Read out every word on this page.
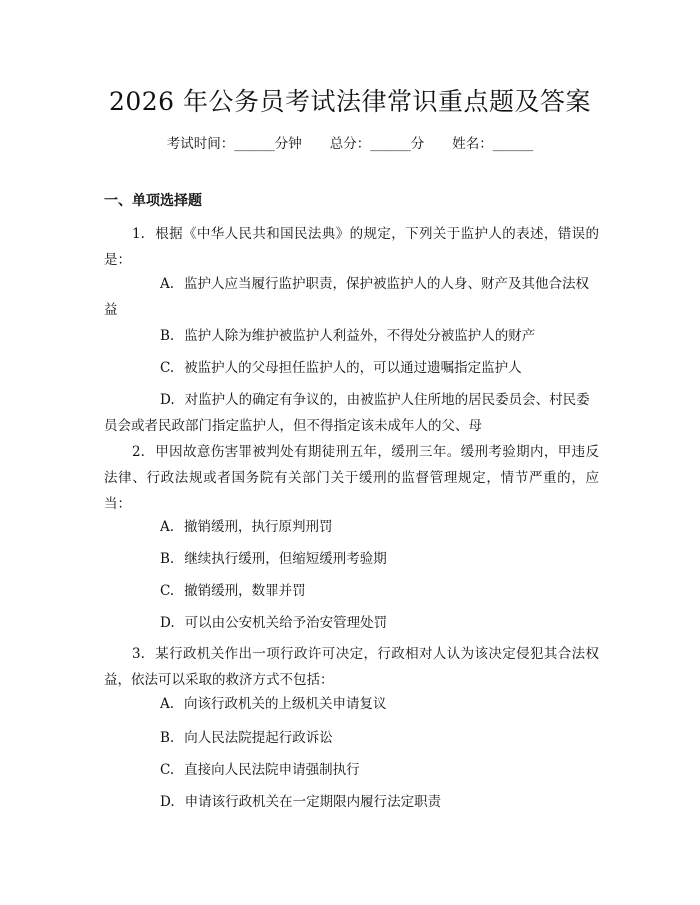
2026 年公务员考试法律常识重点题及答案
考试时间：______分钟 总分：______分 姓名：______
一、单项选择题

1. 根据《中华人民共和国民法典》的规定，下列关于监护人的表述，错误的是：

A. 监护人应当履行监护职责，保护被监护人的人身、财产及其他合法权益

B. 监护人除为维护被监护人利益外，不得处分被监护人的财产

C. 被监护人的父母担任监护人的，可以通过遗嘱指定监护人

D. 对监护人的确定有争议的，由被监护人住所地的居民委员会、村民委员会或者民政部门指定监护人，但不得指定该未成年人的父、母

2. 甲因故意伤害罪被判处有期徒刑五年，缓刑三年。缓刑考验期内，甲违反法律、行政法规或者国务院有关部门关于缓刑的监督管理规定，情节严重的，应当：

A. 撤销缓刑，执行原判刑罚

B. 继续执行缓刑，但缩短缓刑考验期

C. 撤销缓刑，数罪并罚

D. 可以由公安机关给予治安管理处罚

3. 某行政机关作出一项行政许可决定，行政相对人认为该决定侵犯其合法权益，依法可以采取的救济方式不包括：

A. 向该行政机关的上级机关申请复议

B. 向人民法院提起行政诉讼

C. 直接向人民法院申请强制执行

D. 申请该行政机关在一定期限内履行法定职责
